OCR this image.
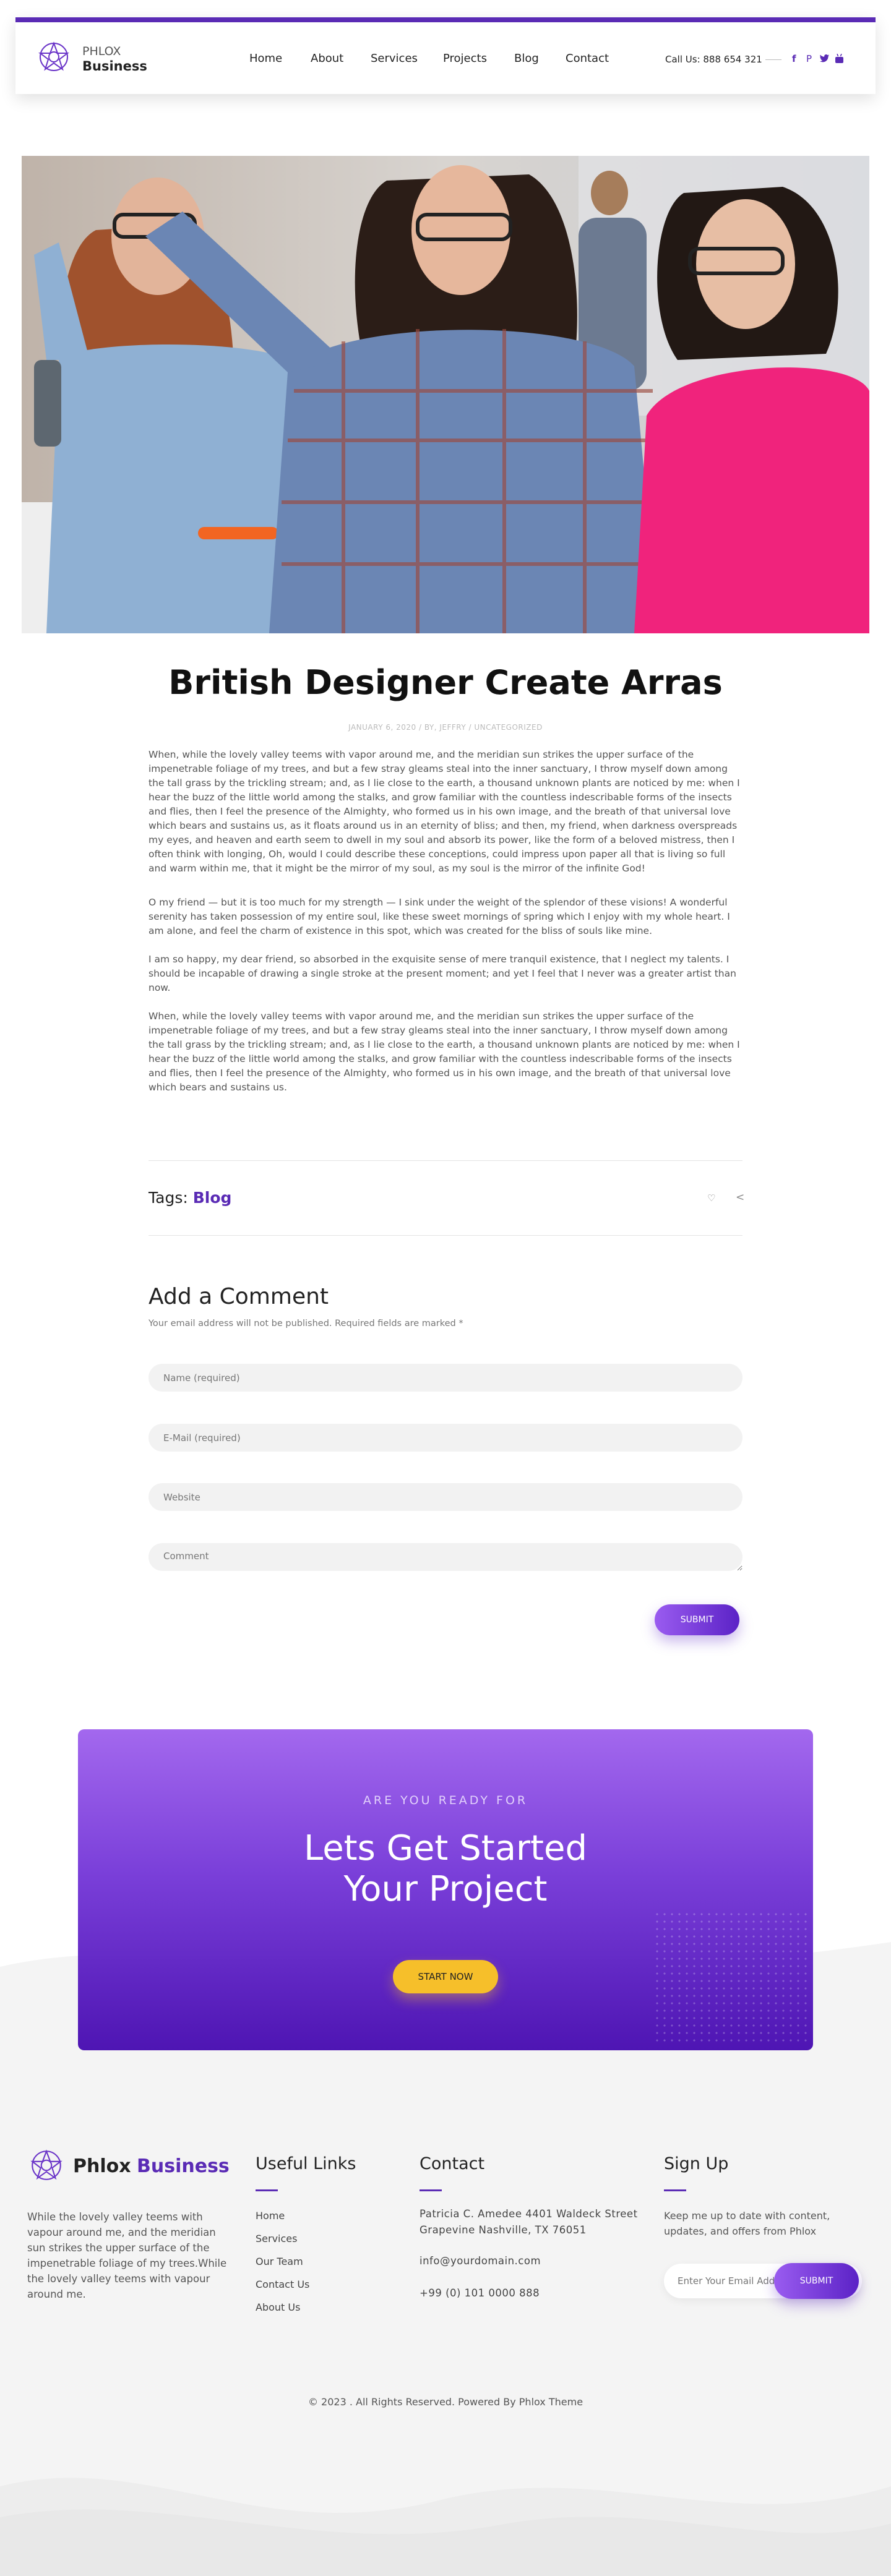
PHLOX
Business
Home	About Services Projects Blog Contact	Call Us: 888 654 321	f P
British Designer Create Arras
JANUARY 6, 2020 / BY, JEFFRY / UNCATEGORIZED

When, while the lovely valley teems with vapor around me, and the meridian sun strikes the upper surface of the impenetrable foliage of my trees, and but a few stray gleams steal into the inner sanctuary, I throw myself down among the tall grass by the trickling stream; and, as I lie close to the earth, a thousand unknown plants are noticed by me: when I hear the buzz of the little world among the stalks, and grow familiar with the countless indescribable forms of the insects and flies, then I feel the presence of the Almighty, who formed us in his own image, and the breath of that universal love which bears and sustains us, as it floats around us in an eternity of bliss; and then, my friend, when darkness overspreads my eyes, and heaven and earth seem to dwell in my soul and absorb its power, like the form of a beloved mistress, then I often think with longing, Oh, would I could describe these conceptions, could impress upon paper all that is living so full and warm within me, that it might be the mirror of my soul, as my soul is the mirror of the infinite God!

O my friend — but it is too much for my strength — I sink under the weight of the splendor of these visions! A wonderful serenity has taken possession of my entire soul, like these sweet mornings of spring which I enjoy with my whole heart. I am alone, and feel the charm of existence in this spot, which was created for the bliss of souls like mine.

I am so happy, my dear friend, so absorbed in the exquisite sense of mere tranquil existence, that I neglect my talents. I should be incapable of drawing a single stroke at the present moment; and yet I feel that I never was a greater artist than now.

When, while the lovely valley teems with vapor around me, and the meridian sun strikes the upper surface of the impenetrable foliage of my trees, and but a few stray gleams steal into the inner sanctuary, I throw myself down among the tall grass by the trickling stream; and, as I lie close to the earth, a thousand unknown plants are noticed by me: when I hear the buzz of the little world among the stalks, and grow familiar with the countless indescribable forms of the insects and flies, then I feel the presence of the Almighty, who formed us in his own image, and the breath of that universal love which bears and sustains us.

Tags: Blog	♡ <
Add a Comment
Your email address will not be published. Required fields are marked *
Name (required)
E-Mail (required)
Website
Comment
SUBMIT
ARE YOU READY FOR
Lets Get Started
Your Project
START NOW
Phlox Business

While the lovely valley teems with vapour around me, and the meridian sun strikes the upper surface of the impenetrable foliage of my trees.While the lovely valley teems with vapour around me.

Useful Links
Home
Services
Our Team
Contact Us
About Us
Contact
Patricia C. Amedee 4401 Waldeck Street
Grapevine Nashville, TX 76051
info@yourdomain.com
+99 (0) 101 0000 888
Sign Up

Keep me up to date with content, updates, and offers from Phlox

Enter Your Email Address
SUBMIT
© 2023 . All Rights Reserved. Powered By Phlox Theme
